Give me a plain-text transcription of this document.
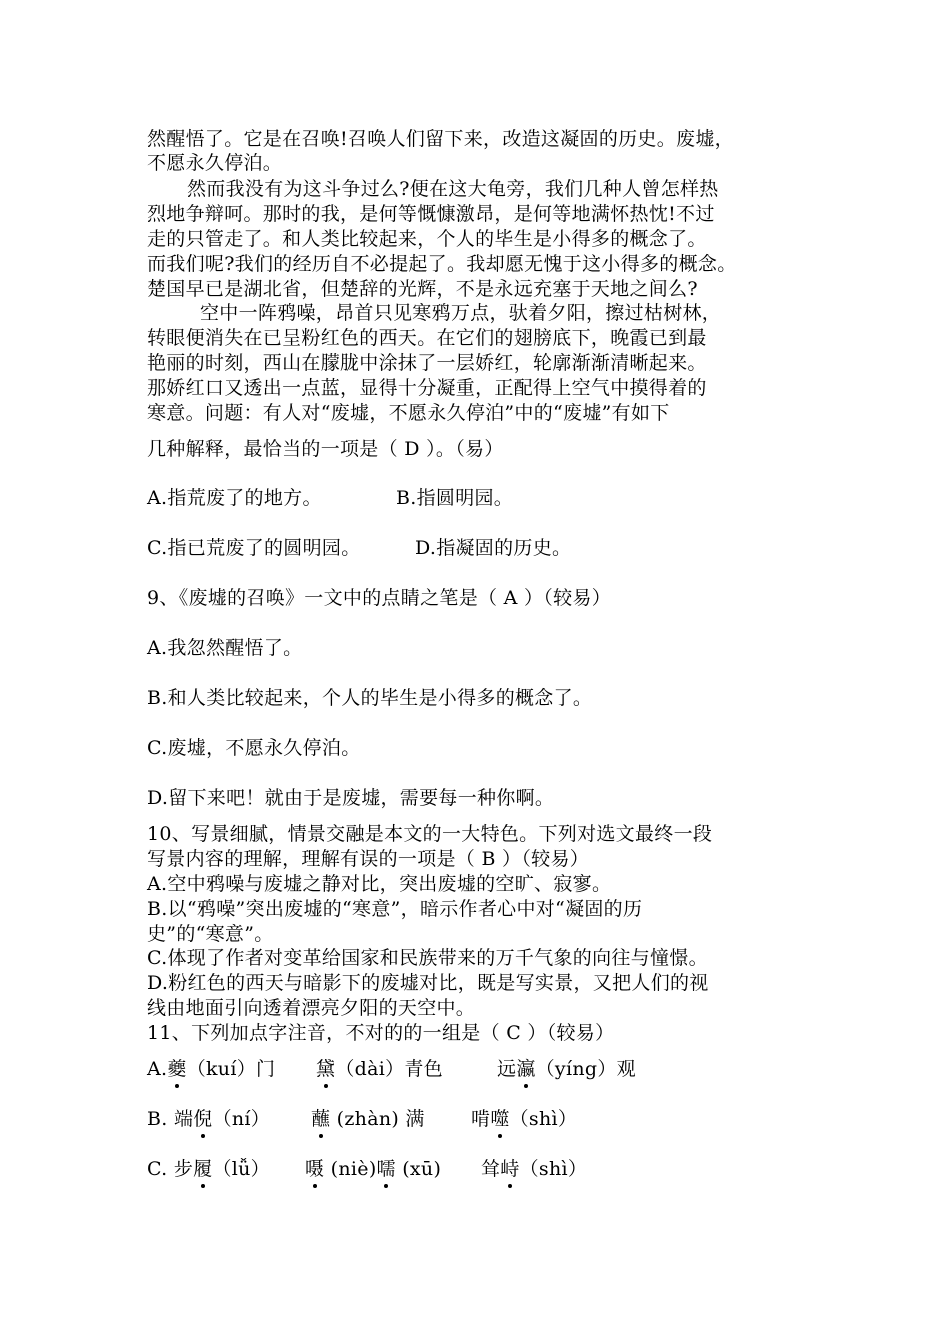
然醒悟了。它是在召唤!召唤人们留下来，改造这凝固的历史。废墟，
不愿永久停泊。
然而我没有为这斗争过么?便在这大龟旁，我们几种人曾怎样热
烈地争辩呵。那时的我，是何等慨慷激昂，是何等地满怀热忱!不过
走的只管走了。和人类比较起来，个人的毕生是小得多的概念了。
而我们呢?我们的经历自不必提起了。我却愿无愧于这小得多的概念。
楚国早已是湖北省，但楚辞的光辉，不是永远充塞于天地之间么?
空中一阵鸦噪，昂首只见寒鸦万点，驮着夕阳，擦过枯树林，
转眼便消失在已呈粉红色的西天。在它们的翅膀底下，晚霞已到最
艳丽的时刻，西山在朦胧中涂抹了一层娇红，轮廓渐渐清晰起来。
那娇红口又透出一点蓝，显得十分凝重，正配得上空气中摸得着的
寒意。问题：有人对“废墟，不愿永久停泊”中的“废墟”有如下
几种解释，最恰当的一项是（ D ）。（易）
A.指荒废了的地方。	B.指圆明园。
C.指已荒废了的圆明园。	D.指凝固的历史。
9、《废墟的召唤》一文中的点睛之笔是（ A ）（较易）
A.我忽然醒悟了。
B.和人类比较起来，个人的毕生是小得多的概念了。
C.废墟，不愿永久停泊。
D.留下来吧！就由于是废墟，需要每一种你啊。
10、写景细腻，情景交融是本文的一大特色。下列对选文最终一段
写景内容的理解，理解有误的一项是（ B ）（较易）
A.空中鸦噪与废墟之静对比，突出废墟的空旷、寂寥。
B.以“鸦噪”突出废墟的“寒意”，暗示作者心中对“凝固的历
史”的“寒意”。
C.体现了作者对变革给国家和民族带来的万千气象的向往与憧憬。
D.粉红色的西天与暗影下的废墟对比，既是写实景，又把人们的视
线由地面引向透着漂亮夕阳的天空中。
11、下列加点字注音，不对的的一组是（ C ）（较易）
A.夔（kuí）门 黛（dài）青色	远瀛（yíng）观
B. 端倪（ní） 蘸 (zhàn) 满 啃噬（shì）
C. 步履（lǚ） 嗫 (niè)嚅 (xū) 耸峙（shì）
